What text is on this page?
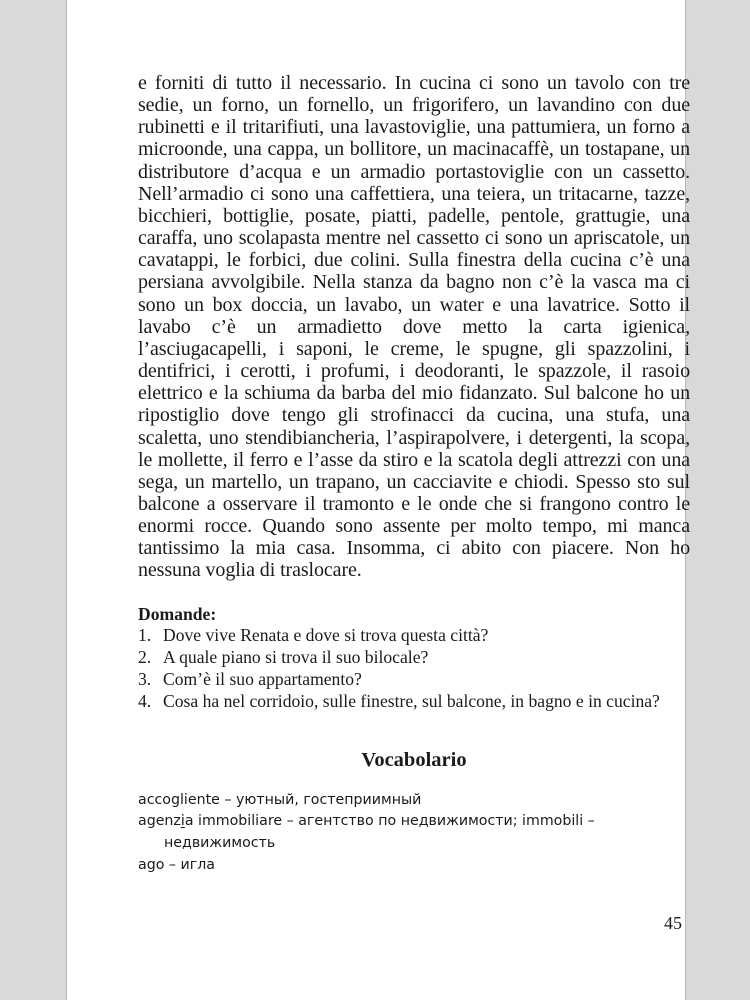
e forniti di tutto il necessario. In cucina ci sono un tavolo con tre sedie, un forno, un fornello, un frigorifero, un lavandino con due rubinetti e il tritarifiuti, una lavastoviglie, una pattumiera, un forno a microonde, una cappa, un bollitore, un macinacaffè, un tostapane, un distributore d’acqua e un armadio portastoviglie con un cassetto. Nell’armadio ci sono una caffettiera, una teiera, un tritacarne, tazze, bicchieri, bottiglie, posate, piatti, padelle, pentole, grattugie, una caraffa, uno scolapasta mentre nel cassetto ci sono un apriscatole, un cavatappi, le forbici, due colini. Sulla finestra della cucina c’è una persiana avvolgibile. Nella stanza da bagno non c’è la vasca ma ci sono un box doccia, un lavabo, un water e una lavatrice. Sotto il lavabo c’è un armadietto dove metto la carta igienica, l’asciugacapelli, i saponi, le creme, le spugne, gli spazzolini, i dentifrici, i cerotti, i profumi, i deodoranti, le spazzole, il rasoio elettrico e la schiuma da barba del mio fidanzato. Sul balcone ho un ripostiglio dove tengo gli strofinacci da cucina, una stufa, una scaletta, uno stendibiancheria, l’aspirapolvere, i detergenti, la scopa, le mollette, il ferro e l’asse da stiro e la scatola degli attrezzi con una sega, un martello, un trapano, un cacciavite e chiodi. Spesso sto sul balcone a osservare il tramonto e le onde che si frangono contro le enormi rocce. Quando sono assente per molto tempo, mi manca tantissimo la mia casa. Insomma, ci abito con piacere. Non ho nessuna voglia di traslocare.

Domande:
1. Dove vive Renata e dove si trova questa città?
2. A quale piano si trova il suo bilocale?
3. Com’è il suo appartamento?
4. Cosa ha nel corridoio, sulle finestre, sul balcone, in bagno e in cucina?
Vocabolario
accogliente – уютный, гостеприимный
agenzia immobiliare – агентство по недвижимости; immobili – недвижимость
ago – игла
45
